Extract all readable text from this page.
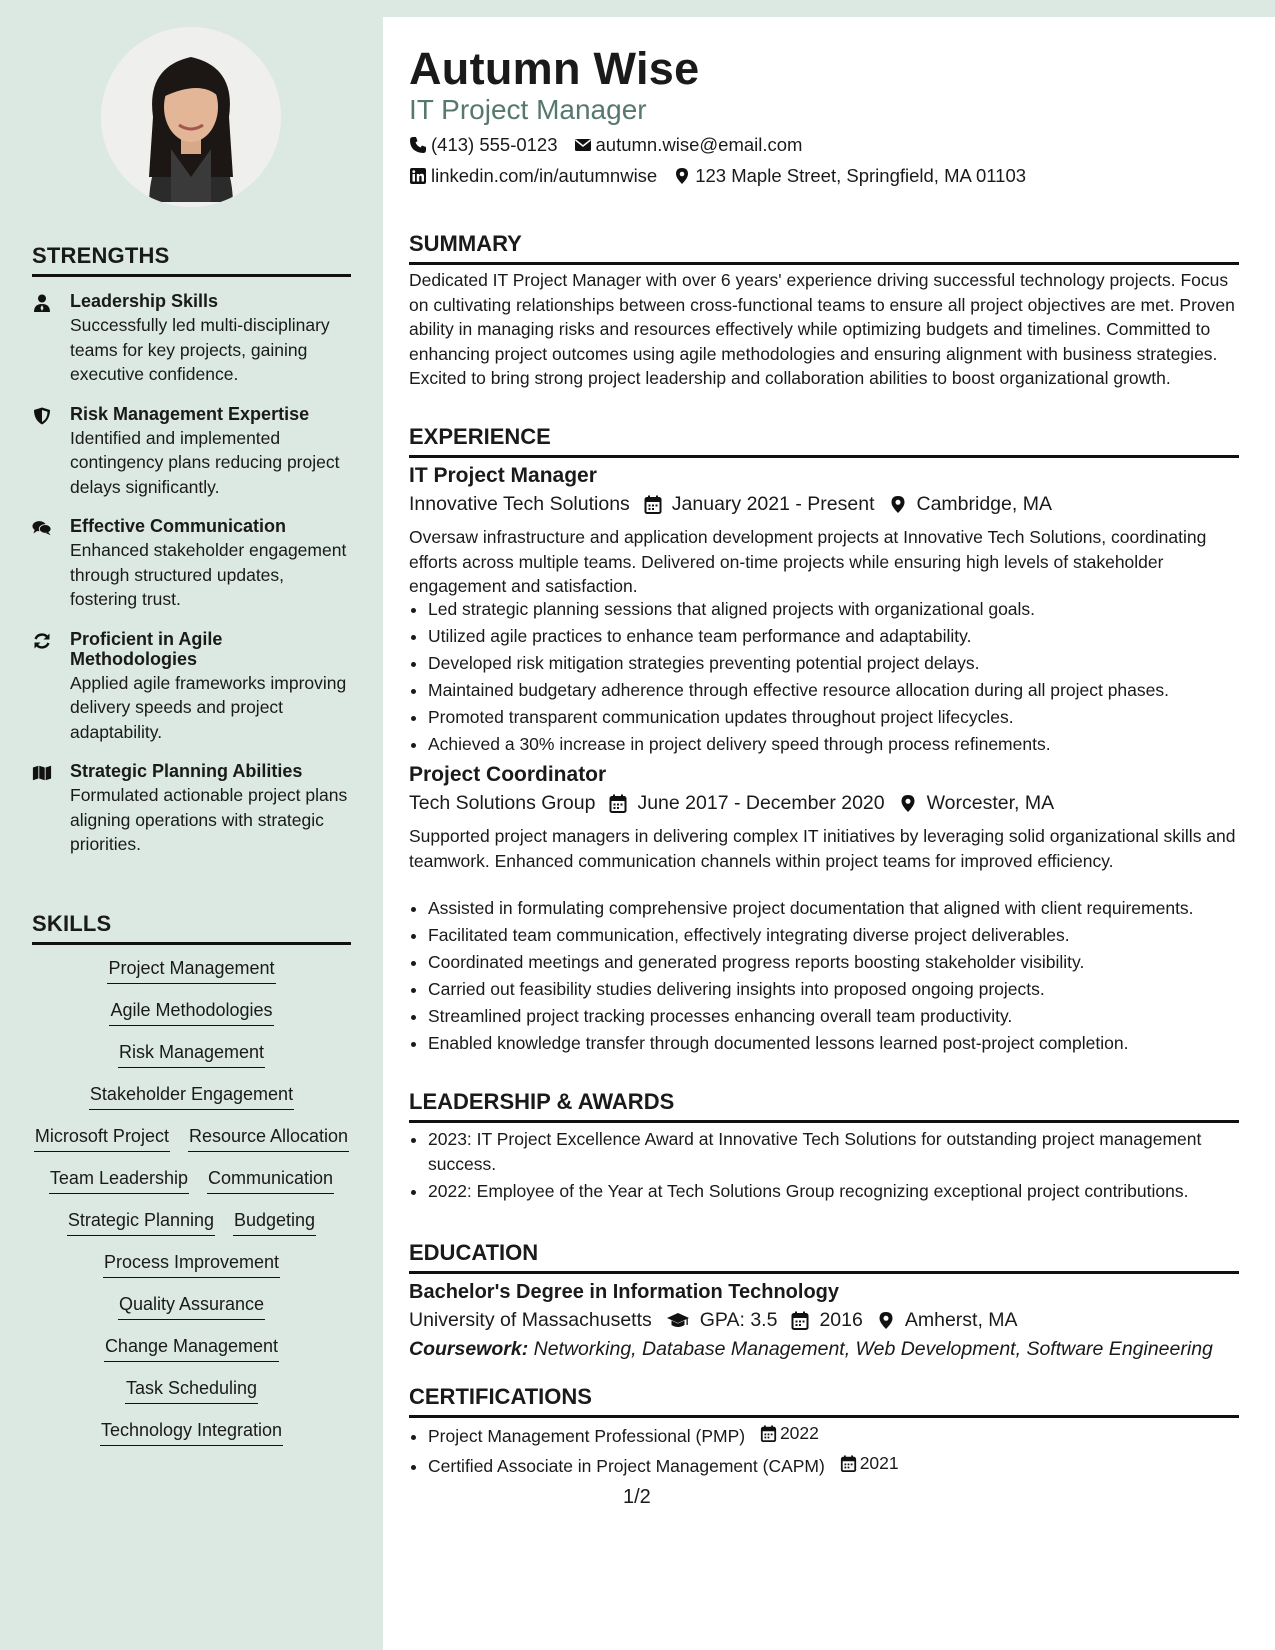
STRENGTHS
Leadership Skills
Successfully led multi-disciplinary teams for key projects, gaining executive confidence.
Risk Management Expertise
Identified and implemented contingency plans reducing project delays significantly.
Effective Communication
Enhanced stakeholder engagement through structured updates, fostering trust.
Proficient in Agile Methodologies
Applied agile frameworks improving delivery speeds and project adaptability.
Strategic Planning Abilities
Formulated actionable project plans aligning operations with strategic priorities.
SKILLS
Project Management
Agile Methodologies
Risk Management
Stakeholder Engagement
Microsoft Project Resource Allocation
Team Leadership Communication
Strategic Planning Budgeting
Process Improvement
Quality Assurance
Change Management
Task Scheduling
Technology Integration
Autumn Wise
IT Project Manager
(413) 555-0123 autumn.wise@email.com
linkedin.com/in/autumnwise 123 Maple Street, Springfield, MA 01103
SUMMARY
Dedicated IT Project Manager with over 6 years' experience driving successful technology projects. Focus on cultivating relationships between cross-functional teams to ensure all project objectives are met. Proven ability in managing risks and resources effectively while optimizing budgets and timelines. Committed to enhancing project outcomes using agile methodologies and ensuring alignment with business strategies. Excited to bring strong project leadership and collaboration abilities to boost organizational growth.
EXPERIENCE
IT Project Manager
Innovative Tech Solutions January 2021 - Present Cambridge, MA
Oversaw infrastructure and application development projects at Innovative Tech Solutions, coordinating efforts across multiple teams. Delivered on-time projects while ensuring high levels of stakeholder engagement and satisfaction.
• Led strategic planning sessions that aligned projects with organizational goals.
• Utilized agile practices to enhance team performance and adaptability.
• Developed risk mitigation strategies preventing potential project delays.
• Maintained budgetary adherence through effective resource allocation during all project phases.
• Promoted transparent communication updates throughout project lifecycles.
• Achieved a 30% increase in project delivery speed through process refinements.
Project Coordinator
Tech Solutions Group June 2017 - December 2020 Worcester, MA
Supported project managers in delivering complex IT initiatives by leveraging solid organizational skills and teamwork. Enhanced communication channels within project teams for improved efficiency.
• Assisted in formulating comprehensive project documentation that aligned with client requirements.
• Facilitated team communication, effectively integrating diverse project deliverables.
• Coordinated meetings and generated progress reports boosting stakeholder visibility.
• Carried out feasibility studies delivering insights into proposed ongoing projects.
• Streamlined project tracking processes enhancing overall team productivity.
• Enabled knowledge transfer through documented lessons learned post-project completion.
LEADERSHIP & AWARDS
• 2023: IT Project Excellence Award at Innovative Tech Solutions for outstanding project management success.
• 2022: Employee of the Year at Tech Solutions Group recognizing exceptional project contributions.
EDUCATION
Bachelor's Degree in Information Technology
University of Massachusetts GPA: 3.5 2016 Amherst, MA
Coursework: Networking, Database Management, Web Development, Software Engineering
CERTIFICATIONS
• Project Management Professional (PMP) 2022
• Certified Associate in Project Management (CAPM) 2021
1/2
